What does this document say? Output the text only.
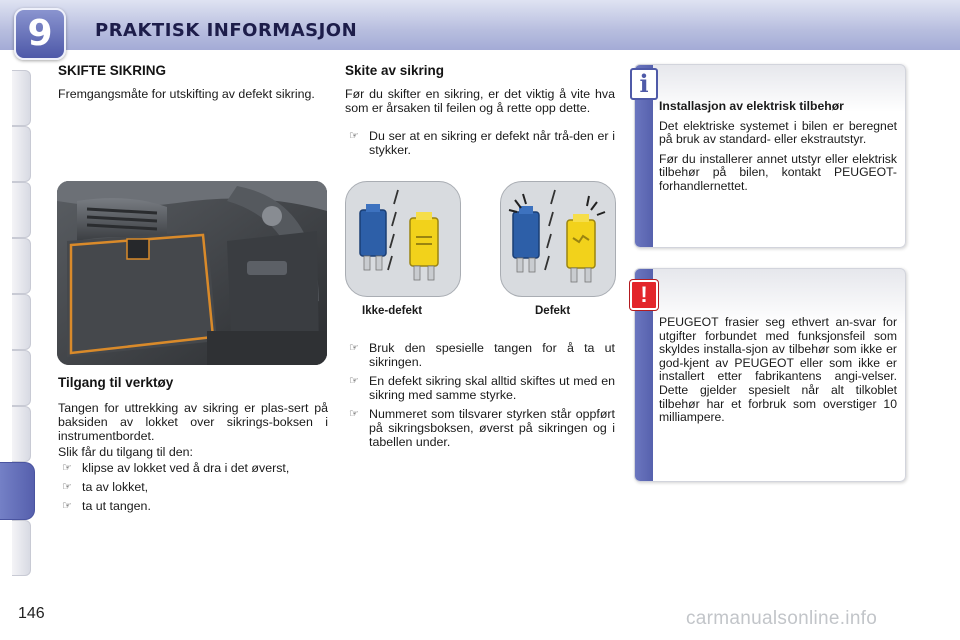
9	PRAKTISK INFORMASJON
SKIFTE SIKRING

Fremgangsmåte for utskifting av defekt sikring.

Tilgang til verktøy

Tangen for uttrekking av sikring er plas-sert på baksiden av lokket over sikrings-boksen i instrumentbordet.

Slik får du tilgang til den:

☞ klipse av lokket ved å dra i det øverst,
☞ ta av lokket,
☞ ta ut tangen.
Skite av sikring

Før du skifter en sikring, er det viktig å vite hva som er årsaken til feilen og å rette opp dette.

☞ Du ser at en sikring er defekt når trå-den er i stykker.
Ikke-defekt	Defekt
☞ Bruk den spesielle tangen for å ta ut sikringen.
☞ En defekt sikring skal alltid skiftes ut med en sikring med samme styrke.
☞ Nummeret som tilsvarer styrken står oppført på sikringsboksen, øverst på sikringen og i tabellen under.

Installasjon av elektrisk tilbehør

Det elektriske systemet i bilen er beregnet på bruk av standard- eller ekstrautstyr.

Før du installerer annet utstyr eller elektrisk tilbehør på bilen, kontakt PEUGEOT-forhandlernettet.

i

PEUGEOT frasier seg ethvert an-svar for utgifter forbundet med funksjonsfeil som skyldes installa-sjon av tilbehør som ikke er god-kjent av PEUGEOT eller som ikke er installert etter fabrikantens angi-velser. Dette gjelder spesielt når alt tilkoblet tilbehør har et forbruk som overstiger 10 milliampere.

!
146	carmanualsonline.info
